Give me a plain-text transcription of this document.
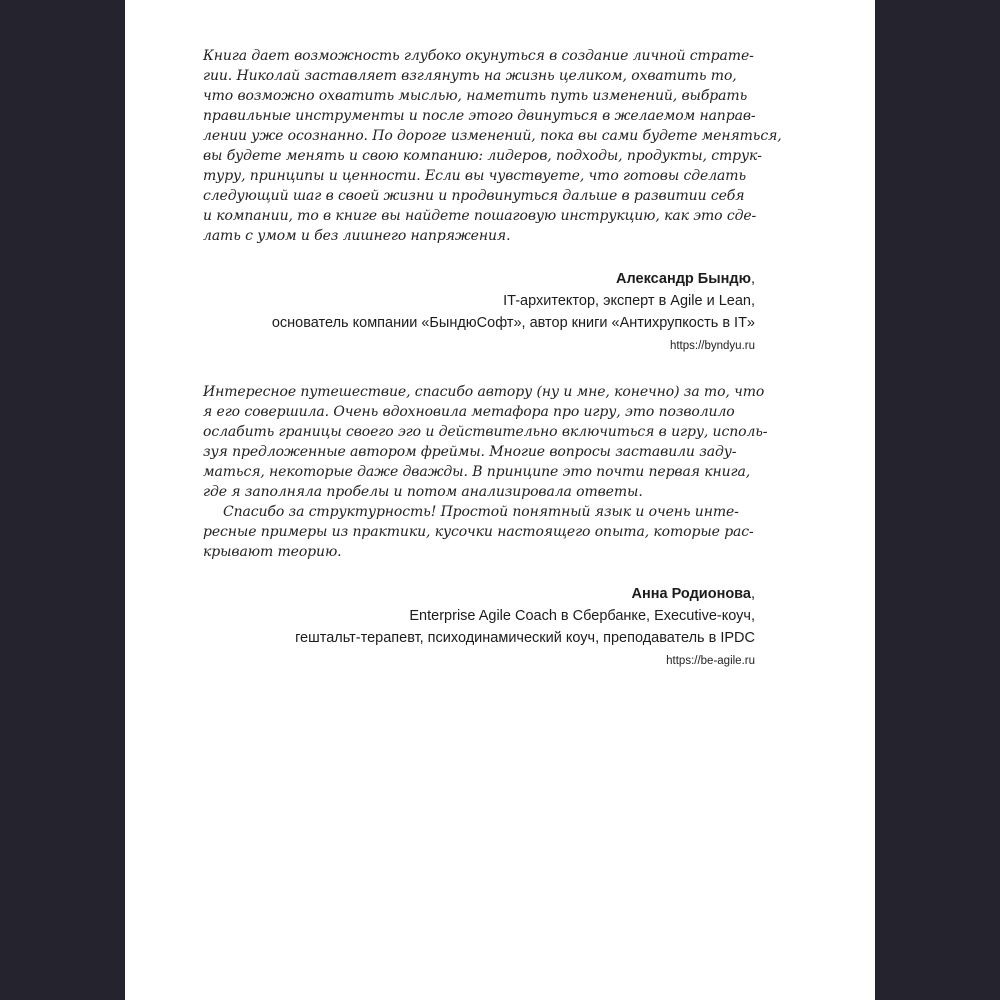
Книга дает возможность глубоко окунуться в создание личной страте-
гии. Николай заставляет взглянуть на жизнь целиком, охватить то,
что возможно охватить мыслью, наметить путь изменений, выбрать
правильные инструменты и после этого двинуться в желаемом направ-
лении уже осознанно. По дороге изменений, пока вы сами будете меняться,
вы будете менять и свою компанию: лидеров, подходы, продукты, струк-
туру, принципы и ценности. Если вы чувствуете, что готовы сделать
следующий шаг в своей жизни и продвинуться дальше в развитии себя
и компании, то в книге вы найдете пошаговую инструкцию, как это сде-
лать с умом и без лишнего напряжения.
Александр Бындю,
IT-архитектор, эксперт в Agile и Lean,
основатель компании «БындюСофт», автор книги «Антихрупкость в IT»
https://byndyu.ru
Интересное путешествие, спасибо автору (ну и мне, конечно) за то, что
я его совершила. Очень вдохновила метафора про игру, это позволило
ослабить границы своего эго и действительно включиться в игру, исполь-
зуя предложенные автором фреймы. Многие вопросы заставили заду-
маться, некоторые даже дважды. В принципе это почти первая книга,
где я заполняла пробелы и потом анализировала ответы.
Спасибо за структурность! Простой понятный язык и очень инте-
ресные примеры из практики, кусочки настоящего опыта, которые рас-
крывают теорию.
Анна Родионова,
Enterprise Agile Coach в Сбербанке, Executive-коуч,
гештальт-терапевт, психодинамический коуч, преподаватель в IPDC
https://be-agile.ru
